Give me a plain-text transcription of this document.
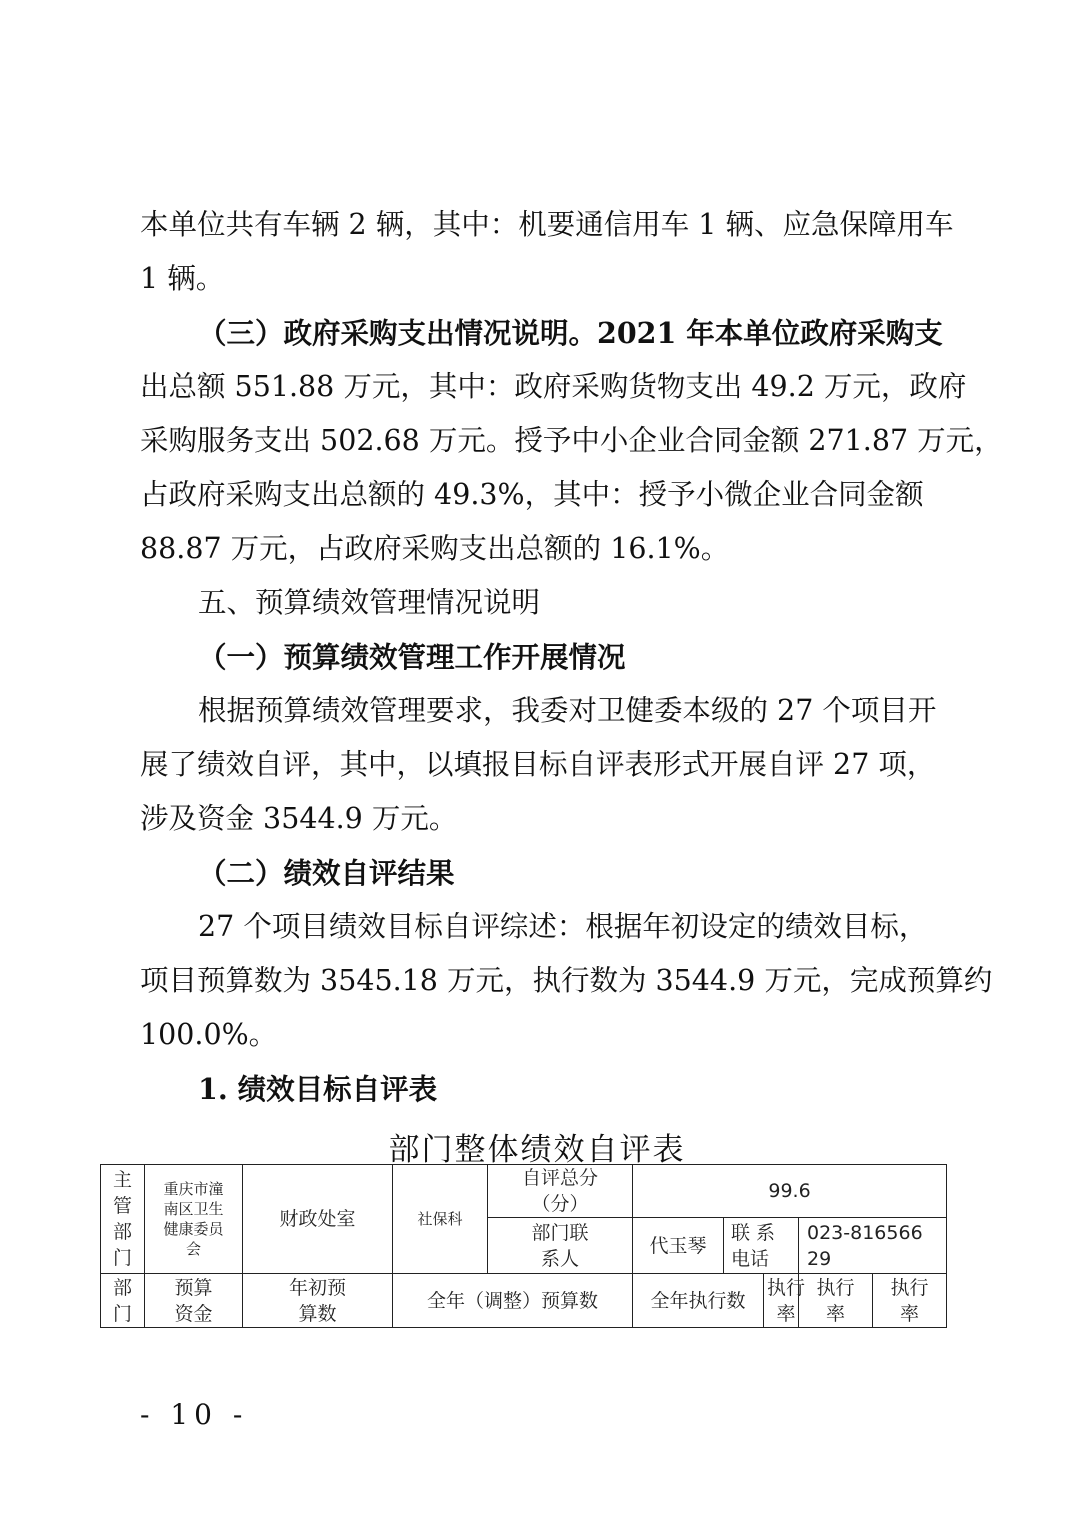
本单位共有车辆 2 辆，其中：机要通信用车 1 辆、应急保障用车
1 辆。
（三）政府采购支出情况说明。2021 年本单位政府采购支
出总额 551.88 万元，其中：政府采购货物支出 49.2 万元，政府
采购服务支出 502.68 万元。授予中小企业合同金额 271.87 万元，
占政府采购支出总额的 49.3%，其中：授予小微企业合同金额
88.87 万元，占政府采购支出总额的 16.1%。
五、预算绩效管理情况说明
（一）预算绩效管理工作开展情况
根据预算绩效管理要求，我委对卫健委本级的 27 个项目开
展了绩效自评，其中，以填报目标自评表形式开展自评 27 项，
涉及资金 3544.9 万元。
（二）绩效自评结果
27 个项目绩效目标自评综述：根据年初设定的绩效目标，
项目预算数为 3545.18 万元，执行数为 3544.9 万元，完成预算约
100.0%。
1. 绩效目标自评表
部门整体绩效自评表
主管部门	重庆市潼南区卫生健康委员会	财政处室	社保科	自评总分（分）	99.6				

				部门联系人	代玉琴	联 系电话		023-81656629	

部门	预算资金	年初预算数	全年（调整）预算数		全年执行数		执行率	执行率	执行率
- 10 -
